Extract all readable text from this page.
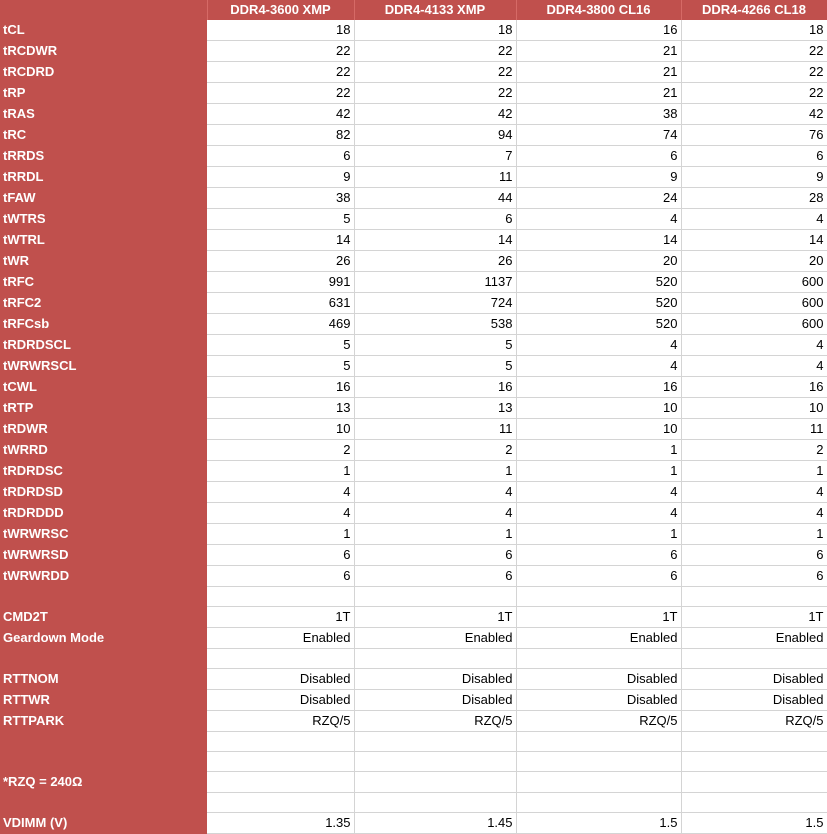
	DDR4-3600 XMP	DDR4-4133 XMP	DDR4-3800 CL16	DDR4-4266 CL18
tCL	18	18	16	18
tRCDWR	22	22	21	22
tRCDRD	22	22	21	22
tRP	22	22	21	22
tRAS	42	42	38	42
tRC	82	94	74	76
tRRDS	6	7	6	6
tRRDL	9	11	9	9
tFAW	38	44	24	28
tWTRS	5	6	4	4
tWTRL	14	14	14	14
tWR	26	26	20	20
tRFC	991	1137	520	600
tRFC2	631	724	520	600
tRFCsb	469	538	520	600
tRDRDSCL	5	5	4	4
tWRWRSCL	5	5	4	4
tCWL	16	16	16	16
tRTP	13	13	10	10
tRDWR	10	11	10	11
tWRRD	2	2	1	2
tRDRDSC	1	1	1	1
tRDRDSD	4	4	4	4
tRDRDDD	4	4	4	4
tWRWRSC	1	1	1	1
tWRWRSD	6	6	6	6
tWRWRDD	6	6	6	6

CMD2T	1T	1T	1T	1T
Geardown Mode	Enabled	Enabled	Enabled	Enabled

RTTNOM	Disabled	Disabled	Disabled	Disabled
RTTWR	Disabled	Disabled	Disabled	Disabled
RTTPARK	RZQ/5	RZQ/5	RZQ/5	RZQ/5

*RZQ = 240Ω				

VDIMM (V)	1.35	1.45	1.5	1.5
